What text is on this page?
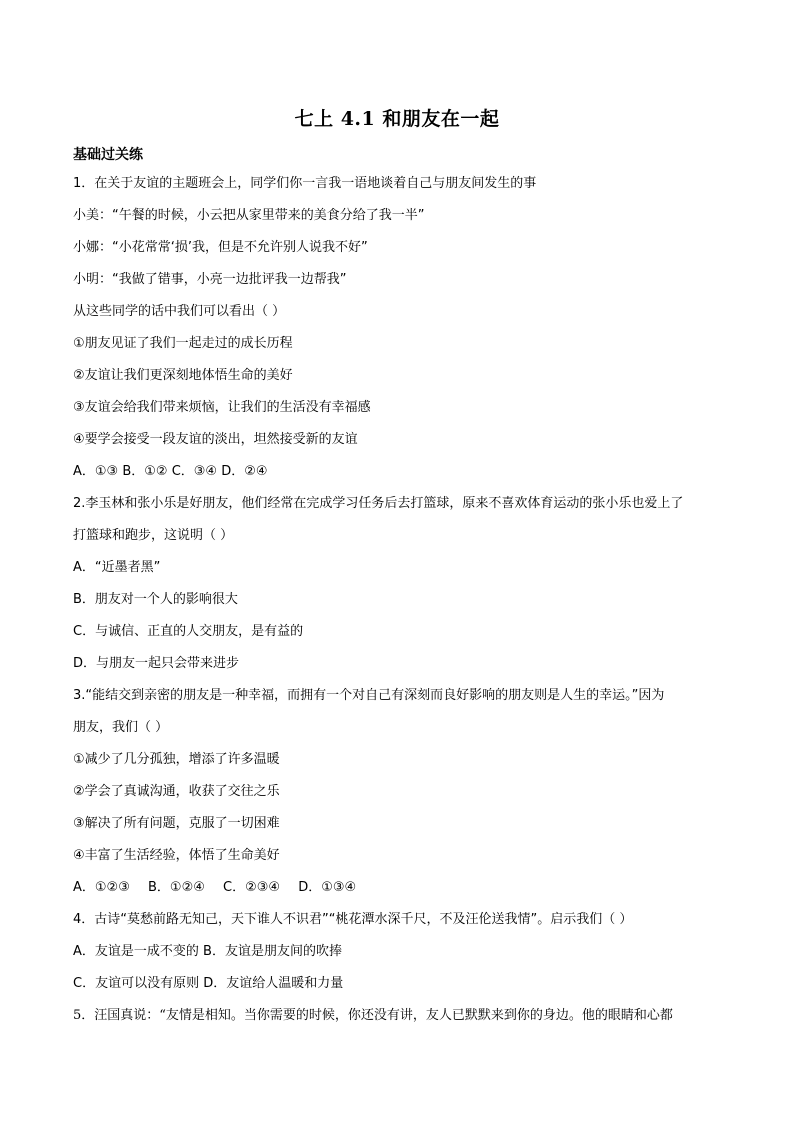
七上 4.1 和朋友在一起
基础过关练
1．在关于友谊的主题班会上，同学们你一言我一语地谈着自己与朋友间发生的事
小美：“午餐的时候，小云把从家里带来的美食分给了我一半”
小娜：“小花常常‘损’我，但是不允许别人说我不好”
小明：“我做了错事，小亮一边批评我一边帮我”
从这些同学的话中我们可以看出（ ）
①朋友见证了我们一起走过的成长历程
②友谊让我们更深刻地体悟生命的美好
③友谊会给我们带来烦恼，让我们的生活没有幸福感
④要学会接受一段友谊的淡出，坦然接受新的友谊
A．①③ B．①② C．③④ D．②④
2.李玉林和张小乐是好朋友，他们经常在完成学习任务后去打篮球，原来不喜欢体育运动的张小乐也爱上了
打篮球和跑步，这说明（ ）
A．“近墨者黑”
B．朋友对一个人的影响很大
C．与诚信、正直的人交朋友，是有益的
D．与朋友一起只会带来进步
3.“能结交到亲密的朋友是一种幸福，而拥有一个对自己有深刻而良好影响的朋友则是人生的幸运。”因为
朋友，我们（ ）
①减少了几分孤独，增添了许多温暖
②学会了真诚沟通，收获了交往之乐
③解决了所有问题，克服了一切困难
④丰富了生活经验，体悟了生命美好
A．①②③ B．①②④ C．②③④ D．①③④
4．古诗“莫愁前路无知己，天下谁人不识君”“桃花潭水深千尺，不及汪伦送我情”。启示我们（ ）
A．友谊是一成不变的 B．友谊是朋友间的吹捧
C．友谊可以没有原则 D．友谊给人温暖和力量
5．汪国真说：“友情是相知。当你需要的时候，你还没有讲，友人已默默来到你的身边。他的眼睛和心都
